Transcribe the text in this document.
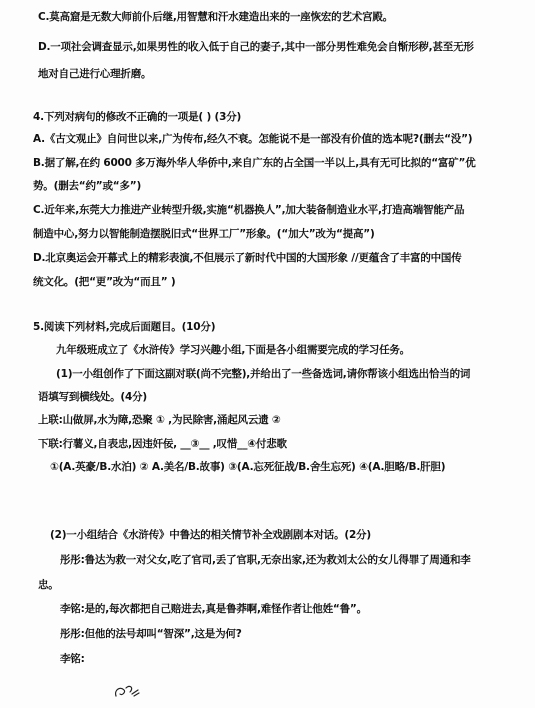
C.莫高窟是无数大师前仆后继,用智慧和汗水建造出来的一座恢宏的艺术宫殿。
D.一项社会调查显示,如果男性的收入低于自己的妻子,其中一部分男性难免会自惭形秽,甚至无形
地对自己进行心理折磨。
4.下列对病句的修改不正确的一项是( ) (3分)
A.《古文观止》自问世以来,广为传布,经久不衰。怎能说不是一部没有价值的选本呢?(删去“没”)
B.据了解,在约 6000 多万海外华人华侨中,来自广东的占全国一半以上,具有无可比拟的“富矿”优
势。(删去“约”或“多”)
C.近年来,东莞大力推进产业转型升级,实施“机器换人”,加大装备制造业水平,打造高端智能产品
制造中心,努力以智能制造摆脱旧式“世界工厂”形象。(“加大”改为“提高”)
D.北京奥运会开幕式上的精彩表演,不但展示了新时代中国的大国形象 //更蕴含了丰富的中国传
统文化。(把“更”改为“而且” )
5.阅读下列材料,完成后面题目。(10分)
九年级班成立了《水浒传》学习兴趣小组,下面是各小组需要完成的学习任务。
(1)一小组创作了下面这副对联(尚不完整),并给出了一些备选词,请你帮该小组选出恰当的词
语填写到横线处。(4分)
上联:山做屏,水为障,恐聚 ① ,为民除害,涌起风云遗 ②
下联:行薯义,自表忠,因违奸佞, __③__ ,叹惜__④付悲歌
①(A.英豪/B.水泊) ② A.美名/B.故事) ③(A.忘死征战/B.舍生忘死) ④(A.胆略/B.肝胆)
(2)一小组结合《水浒传》中鲁达的相关情节补全戏剧剧本对话。(2分)
彤彤:鲁达为救一对父女,吃了官司,丢了官职,无奈出家,还为救刘太公的女儿得罪了周通和李
忠。
李铭:是的,每次都把自己赔进去,真是鲁莽啊,难怪作者让他姓“鲁”。
彤彤:但他的法号却叫“智深”,这是为何?
李铭:
